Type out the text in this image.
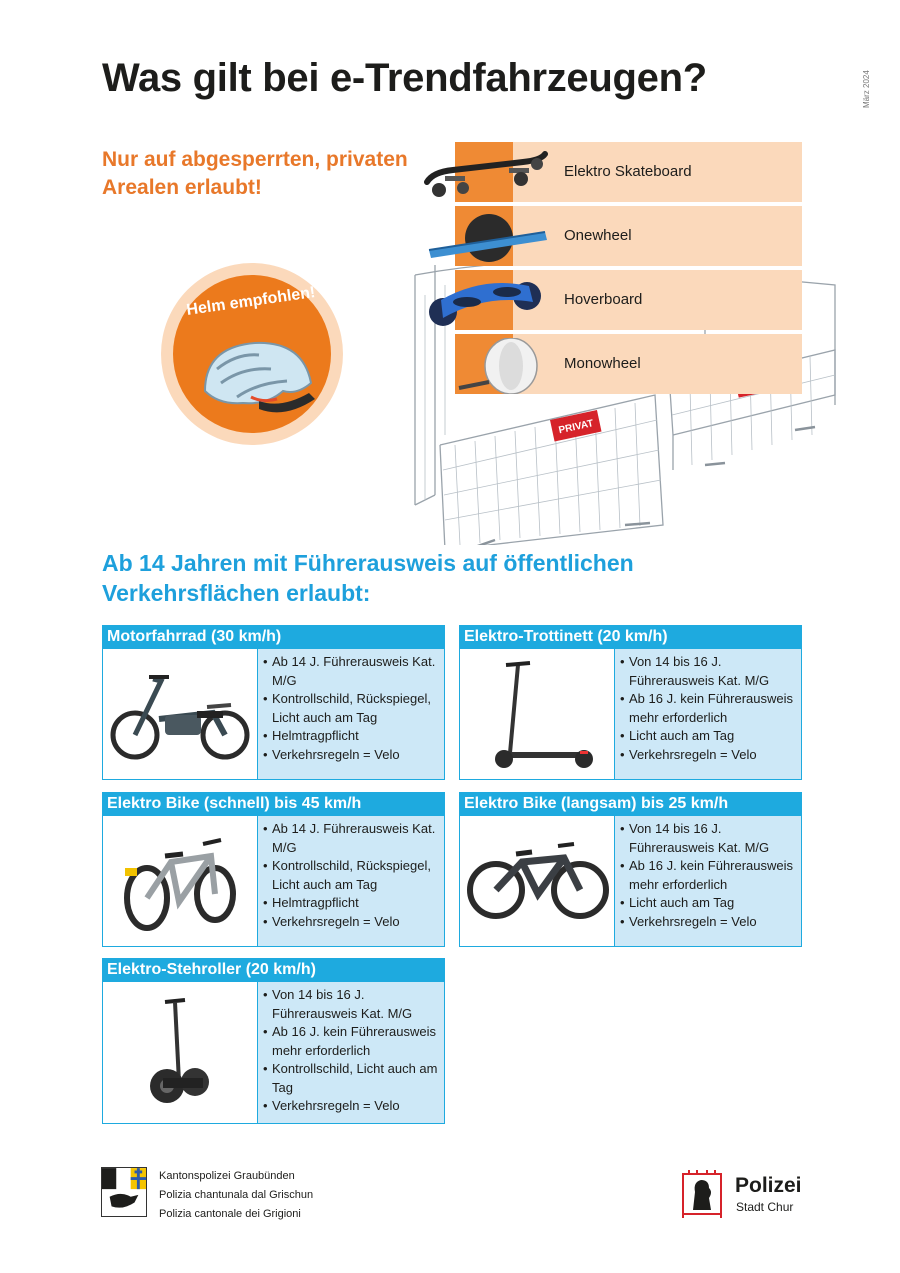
Was gilt bei e-Trendfahrzeugen?	März 2024
Nur auf abgesperrten, privaten Arealen erlaubt!
PRIVAT
Elektro Skateboard
Onewheel
Hoverboard
Monowheel
Helm empfohlen!
Ab 14 Jahren mit Führerausweis auf öffentlichen Verkehrsflächen erlaubt:
Motorfahrrad (30 km/h)
• Ab 14 J. Führerausweis Kat. M/G
• Kontrollschild, Rückspiegel, Licht auch am Tag
• Helmtragpflicht
• Verkehrsregeln = Velo
Elektro-Trottinett (20 km/h)
• Von 14 bis 16 J. Führerausweis Kat. M/G
• Ab 16 J. kein Führerausweis mehr erforderlich
• Licht auch am Tag
• Verkehrsregeln = Velo
Elektro Bike (schnell) bis 45 km/h
• Ab 14 J. Führerausweis Kat. M/G
• Kontrollschild, Rückspiegel, Licht auch am Tag
• Helmtragpflicht
• Verkehrsregeln = Velo
Elektro Bike (langsam) bis 25 km/h
• Von 14 bis 16 J. Führerausweis Kat. M/G
• Ab 16 J. kein Führerausweis mehr erforderlich
• Licht auch am Tag
• Verkehrsregeln = Velo
Elektro-Stehroller (20 km/h)
• Von 14 bis 16 J. Führerausweis Kat. M/G
• Ab 16 J. kein Führerausweis mehr erforderlich
• Kontrollschild, Licht auch am Tag
• Verkehrsregeln = Velo
Kantonspolizei Graubünden
Polizia chantunala dal Grischun
Polizia cantonale dei Grigioni
Polizei
Stadt Chur
